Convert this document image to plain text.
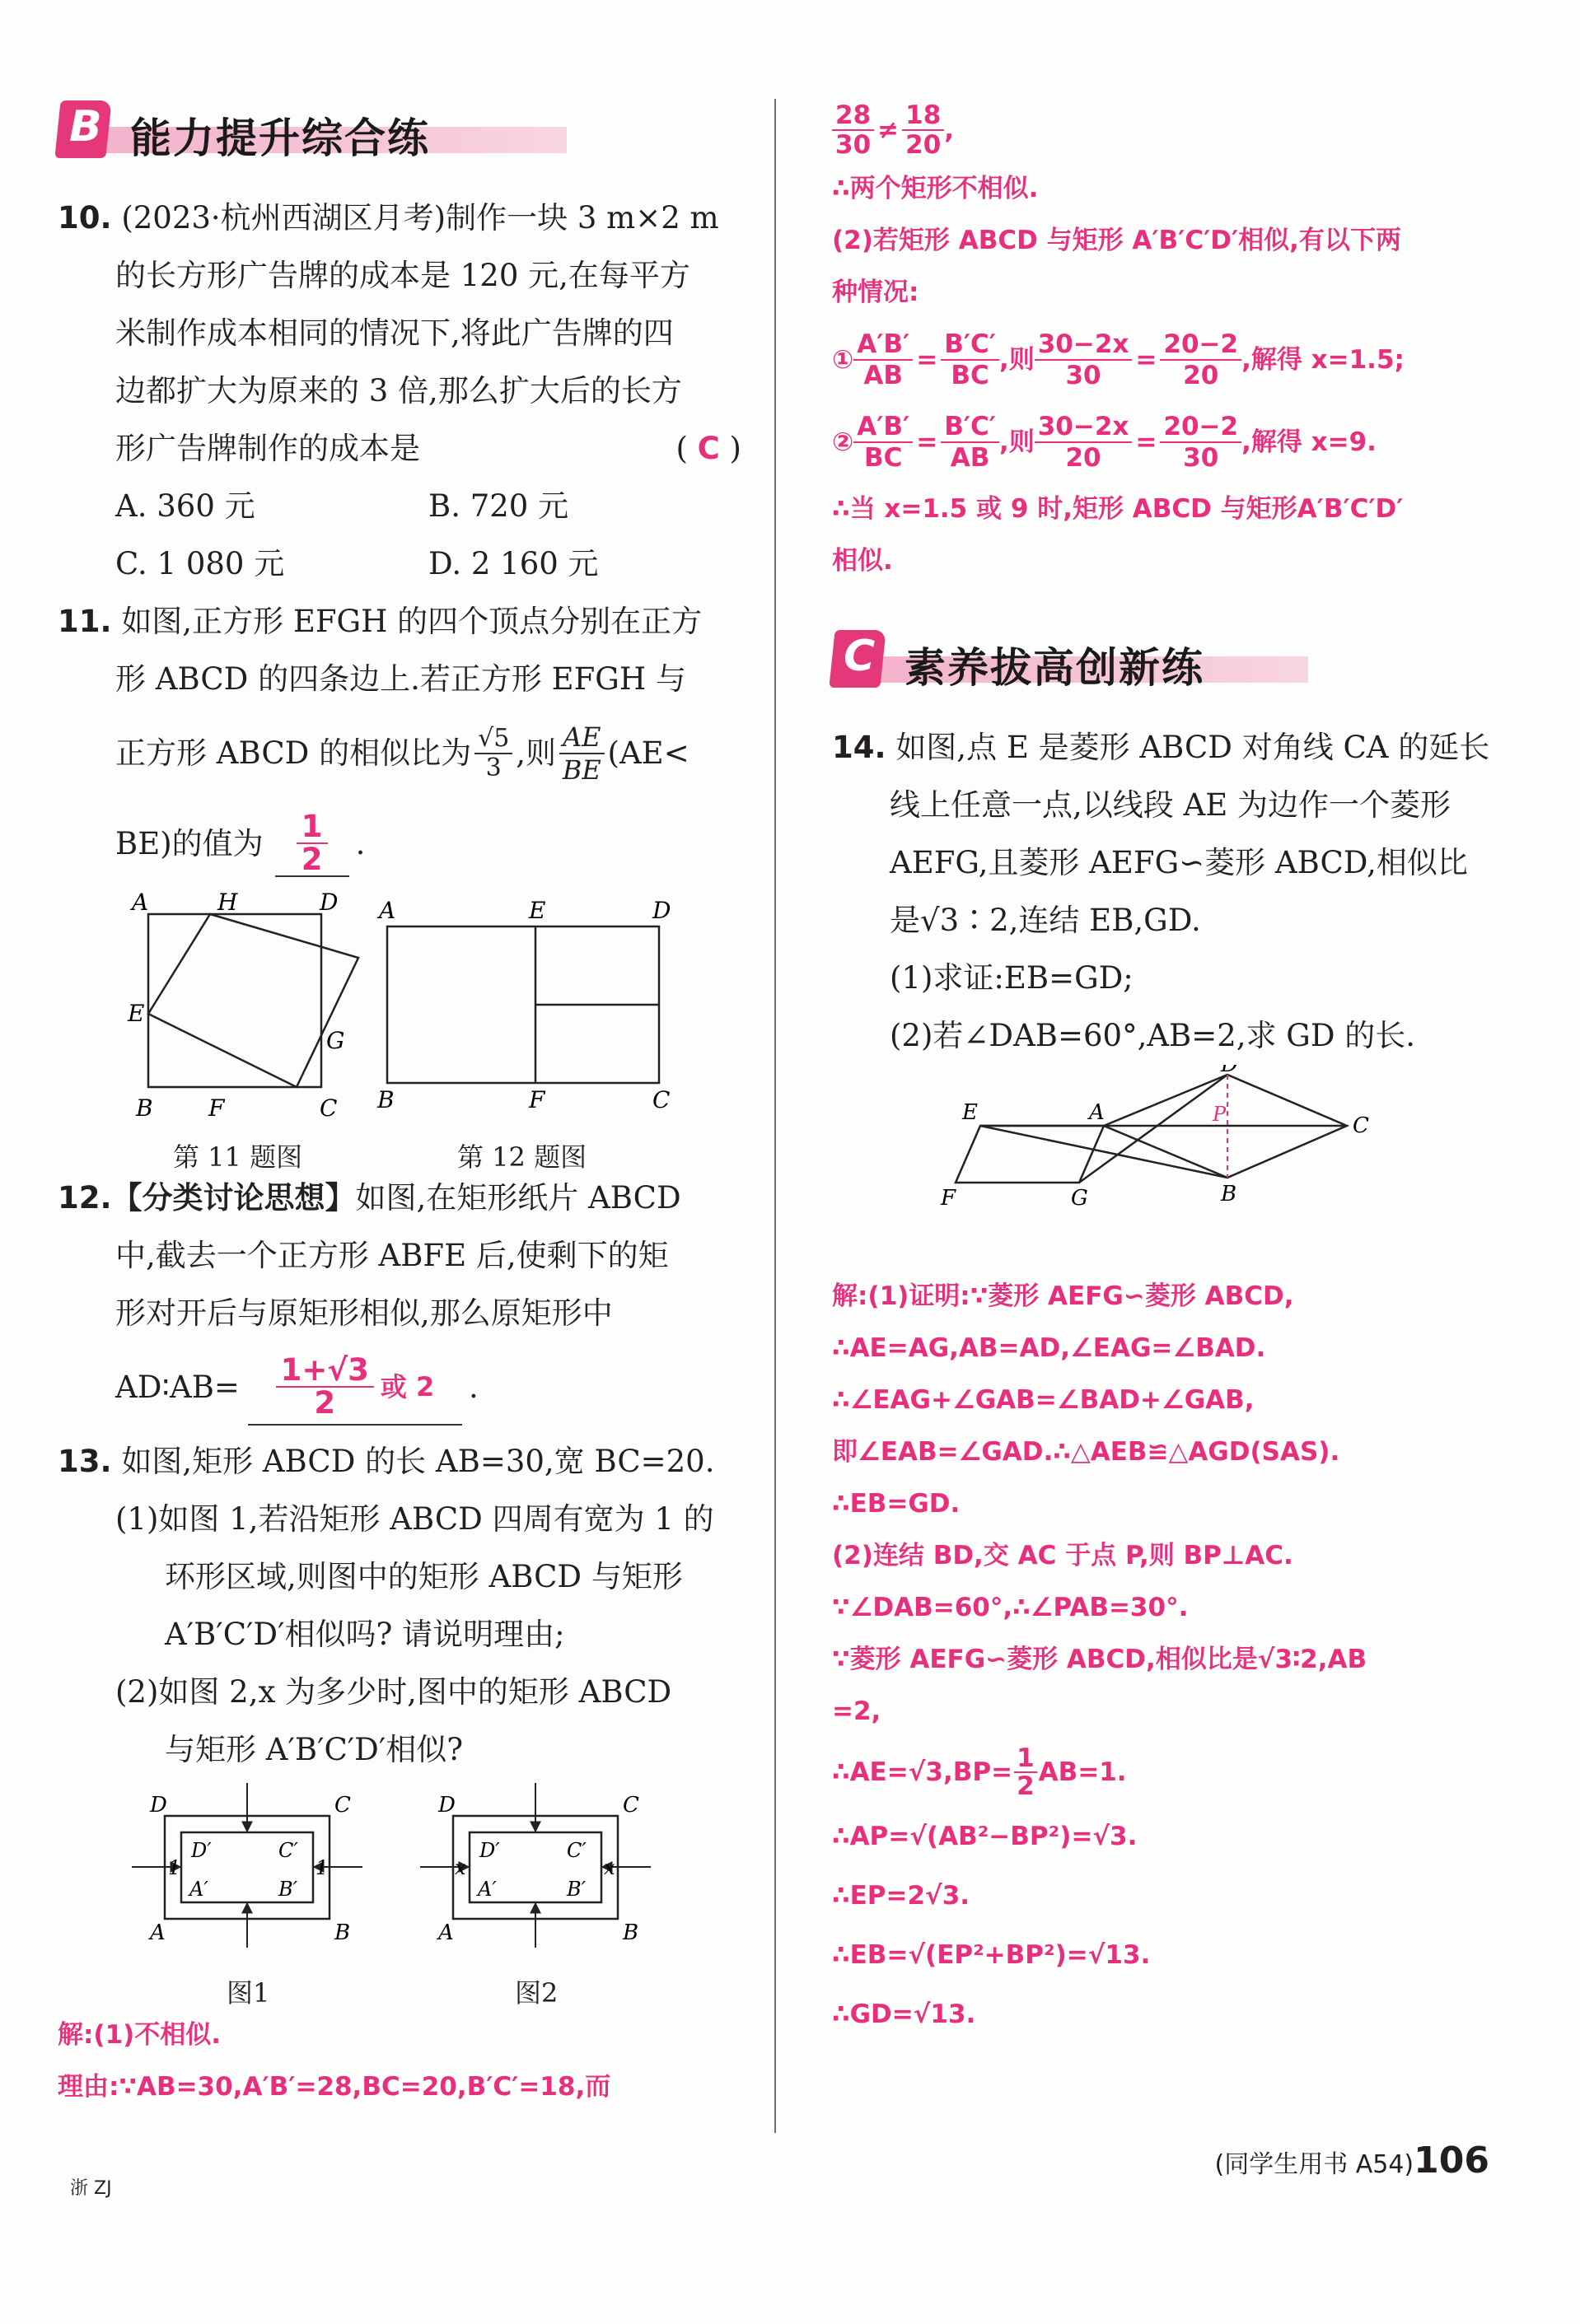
B 能力提升综合练
10. (2023·杭州西湖区月考)制作一块 3 m×2 m
的长方形广告牌的成本是 120 元,在每平方
米制作成本相同的情况下,将此广告牌的四
边都扩大为原来的 3 倍,那么扩大后的长方
形广告牌制作的成本是	( C )
A. 360 元	B. 720 元
C. 1 080 元	D. 2 160 元
11. 如图,正方形 EFGH 的四个顶点分别在正方
形 ABCD 的四条边上.若正方形 EFGH 与
正方形 ABCD 的相似比为 $\frac{√5}{3}$ ,则 $\frac{AE}{BE} (AE<$
BE)的值为 $\frac{1}{2}$ .
A	H	D
E
G
B F	C
A	E	D
B	F	C
第 11 题图	第 12 题图
12.【分类讨论思想】如图,在矩形纸片 ABCD
中,截去一个正方形 ABFE 后,使剩下的矩
形对开后与原矩形相似,那么原矩形中
AD∶AB= $\frac{1+√3}{2}$ 或 2 .
13. 如图,矩形 ABCD 的长 AB=30,宽 BC=20.
(1)如图 1,若沿矩形 ABCD 四周有宽为 1 的
环形区域,则图中的矩形 ABCD 与矩形
A′B′C′D′相似吗? 请说明理由;
(2)如图 2,x 为多少时,图中的矩形 ABCD
与矩形 A′B′C′D′相似?
D	C
A	B
D′	C′
A′	B′
1	1
D	C
A	B
D′	C′
A′	B′
x	x
图1	图2
解:(1)不相似.
理由:∵AB=30,A′B′=28,BC=20,B′C′=18,而
$\frac{28}{30} \ne \frac{18}{20}$ ,
∴两个矩形不相似.
(2)若矩形 ABCD 与矩形 A′B′C′D′相似,有以下两
种情况:
① $\frac{A'B'}{AB} = \frac{B'C'}{BC}$ ,则 $\frac{30-2x}{30} = \frac{20-2}{20}$ ,解得 x=1.5;
② $\frac{A'B'}{BC} = \frac{B'C'}{AB}$ ,则 $\frac{30-2x}{20} = \frac{20-2}{30}$ ,解得 x=9.
∴当 x=1.5 或 9 时,矩形 ABCD 与矩形A′B′C′D′
相似.
C 素养拔高创新练
14. 如图,点 E 是菱形 ABCD 对角线 CA 的延长
线上任意一点,以线段 AE 为边作一个菱形
AEFG,且菱形 AEFG∽菱形 ABCD,相似比
是√3∶2,连结 EB,GD.
(1)求证:EB=GD;
(2)若∠DAB=60°,AB=2,求 GD 的长.
D
E	A	P	C
B
F	G
解:(1)证明:∵菱形 AEFG∽菱形 ABCD,
∴AE=AG,AB=AD,∠EAG=∠BAD.
∴∠EAG+∠GAB=∠BAD+∠GAB,
即∠EAB=∠GAD.∴△AEB≌△AGD(SAS).
∴EB=GD.
(2)连结 BD,交 AC 于点 P,则 BP⊥AC.
∵∠DAB=60°,∴∠PAB=30°.
∵菱形 AEFG∽菱形 ABCD,相似比是√3∶2,AB
=2,
∴AE=√3,BP= $\frac{1}{2} AB=1$.
∴AP=√(AB²−BP²)=√3.
∴EP=2√3.
∴EB=√(EP²+BP²)=√13.
∴GD=√13.
浙 ZJ
(同学生用书 A54)106
